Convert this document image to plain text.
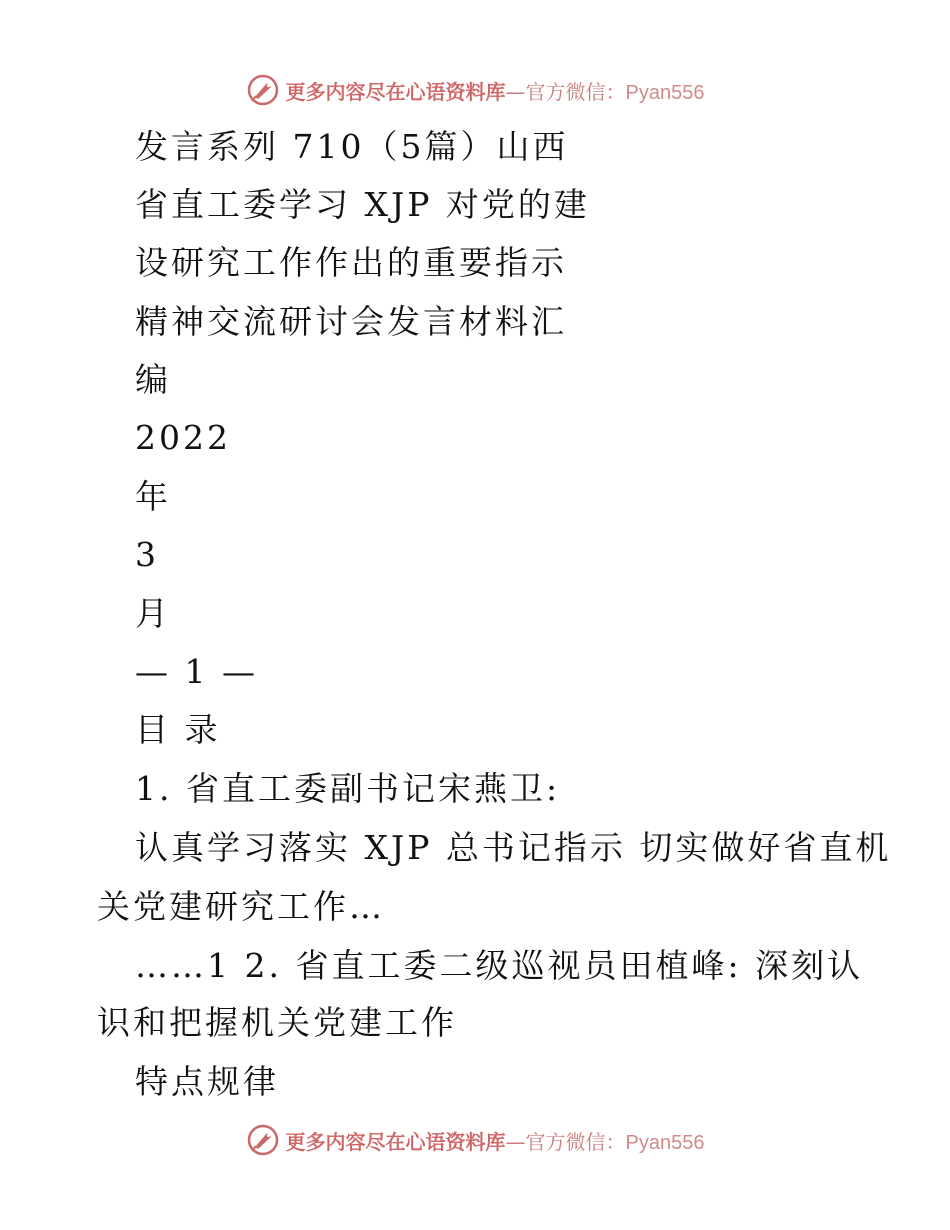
更多内容尽在心语资料库—官方微信：Pyan556
发言系列 710（5篇）山西
省直工委学习 XJP 对党的建
设研究工作作出的重要指示
精神交流研讨会发言材料汇
编
2022
年
3
月
— 1 —
目 录
1. 省直工委副书记宋燕卫:
认真学习落实 XJP 总书记指示 切实做好省直机
关党建研究工作…
……1 2. 省直工委二级巡视员田植峰: 深刻认
识和把握机关党建工作
特点规律
更多内容尽在心语资料库—官方微信：Pyan556
